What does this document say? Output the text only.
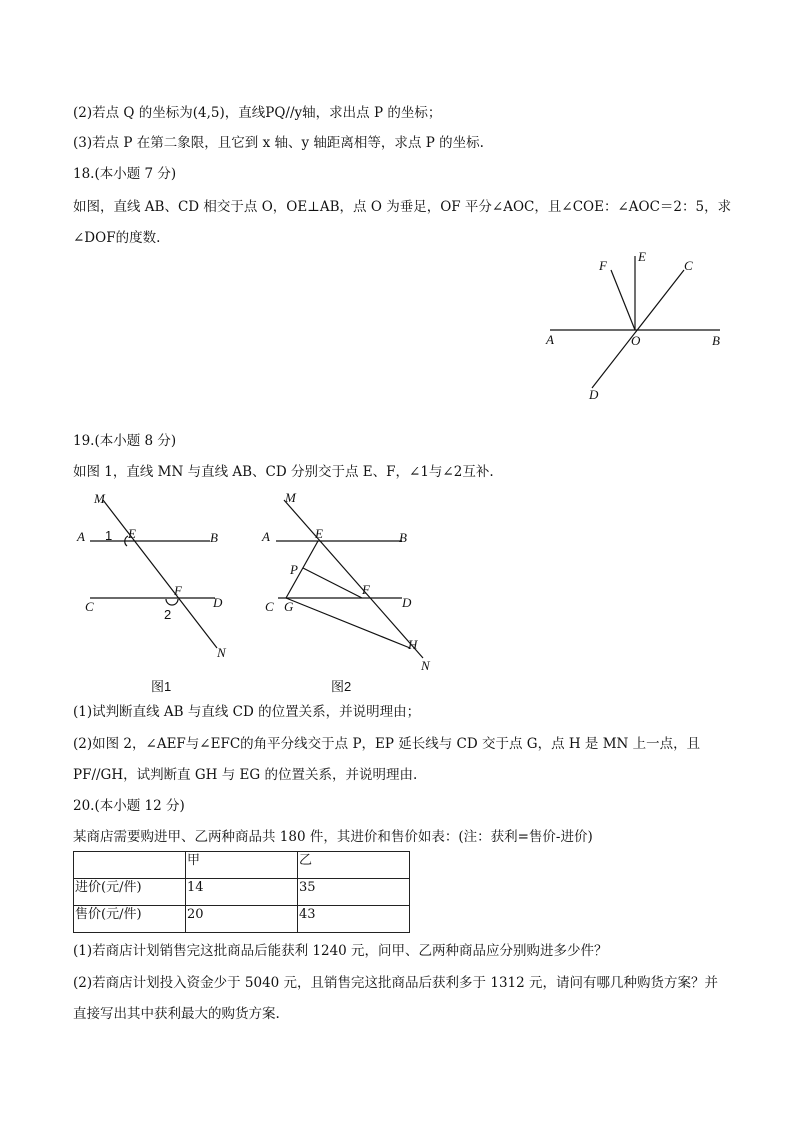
(2)若点 Q 的坐标为(4,5)，直线PQ//y轴，求出点 P 的坐标；
(3)若点 P 在第二象限，且它到 x 轴、y 轴距离相等，求点 P 的坐标.
18.(本小题 7 分)
如图，直线 AB、CD 相交于点 O，OE⊥AB，点 O 为垂足，OF 平分∠AOC，且∠COE：∠AOC＝2：5，求
∠DOF的度数.
A	B
C
D
E
F
O
19.(本小题 8 分)
如图 1，直线 MN 与直线 AB、CD 分别交于点 E、F，∠1与∠2互补.
M
A 1 E	B
F
C
2
D
N
图1
M
A	E	B
P
F
C G	D
H
N
图2
(1)试判断直线 AB 与直线 CD 的位置关系，并说明理由；
(2)如图 2，∠AEF与∠EFC的角平分线交于点 P，EP 延长线与 CD 交于点 G，点 H 是 MN 上一点，且
PF//GH，试判断直 GH 与 EG 的位置关系，并说明理由.
20.(本小题 12 分)
某商店需要购进甲、乙两种商品共 180 件，其进价和售价如表：(注：获利=售价-进价)
	甲	乙
进价(元/件)	14	35
售价(元/件)	20	43
(1)若商店计划销售完这批商品后能获利 1240 元，问甲、乙两种商品应分别购进多少件？
(2)若商店计划投入资金少于 5040 元，且销售完这批商品后获利多于 1312 元，请问有哪几种购货方案？并
直接写出其中获利最大的购货方案.
